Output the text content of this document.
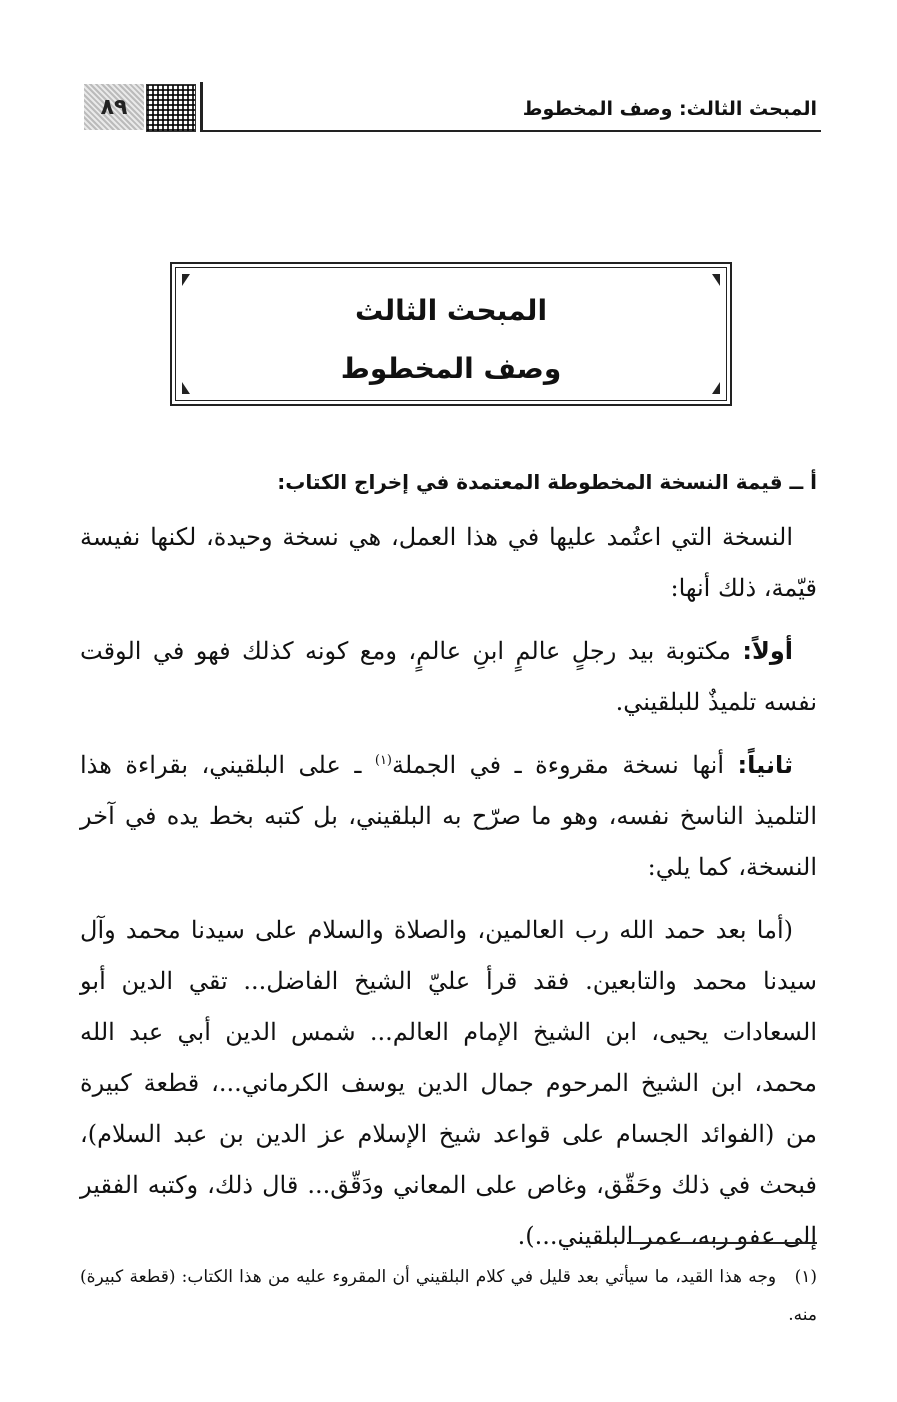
٨٩	المبحث الثالث: وصف المخطوط
المبحث الثالث
وصف المخطوط
أ ــ قيمة النسخة المخطوطة المعتمدة في إخراج الكتاب:

النسخة التي اعتُمد عليها في هذا العمل، هي نسخة وحيدة، لكنها نفيسة قيّمة، ذلك أنها:

أولاً: مكتوبة بيد رجلٍ عالمٍ ابنِ عالمٍ، ومع كونه كذلك فهو في الوقت نفسه تلميذٌ للبلقيني.

ثانياً: أنها نسخة مقروءة ـ في الجملة$^{(١)}$ ـ على البلقيني، بقراءة هذا التلميذ الناسخ نفسه، وهو ما صرّح به البلقيني، بل كتبه بخط يده في آخر النسخة، كما يلي:

(أما بعد حمد الله رب العالمين، والصلاة والسلام على سيدنا محمد وآل سيدنا محمد والتابعين. فقد قرأ عليّ الشيخ الفاضل... تقي الدين أبو السعادات يحيى، ابن الشيخ الإمام العالم... شمس الدين أبي عبد الله محمد، ابن الشيخ المرحوم جمال الدين يوسف الكرماني...، قطعة كبيرة من (الفوائد الجسام على قواعد شيخ الإسلام عز الدين بن عبد السلام)، فبحث في ذلك وحَقّق، وغاص على المعاني ودَقّق... قال ذلك، وكتبه الفقير إلى عفو ربه، عمر البلقيني...).

(١)   وجه هذا القيد، ما سيأتي بعد قليل في كلام البلقيني أن المقروء عليه من هذا الكتاب: (قطعة كبيرة) منه.
